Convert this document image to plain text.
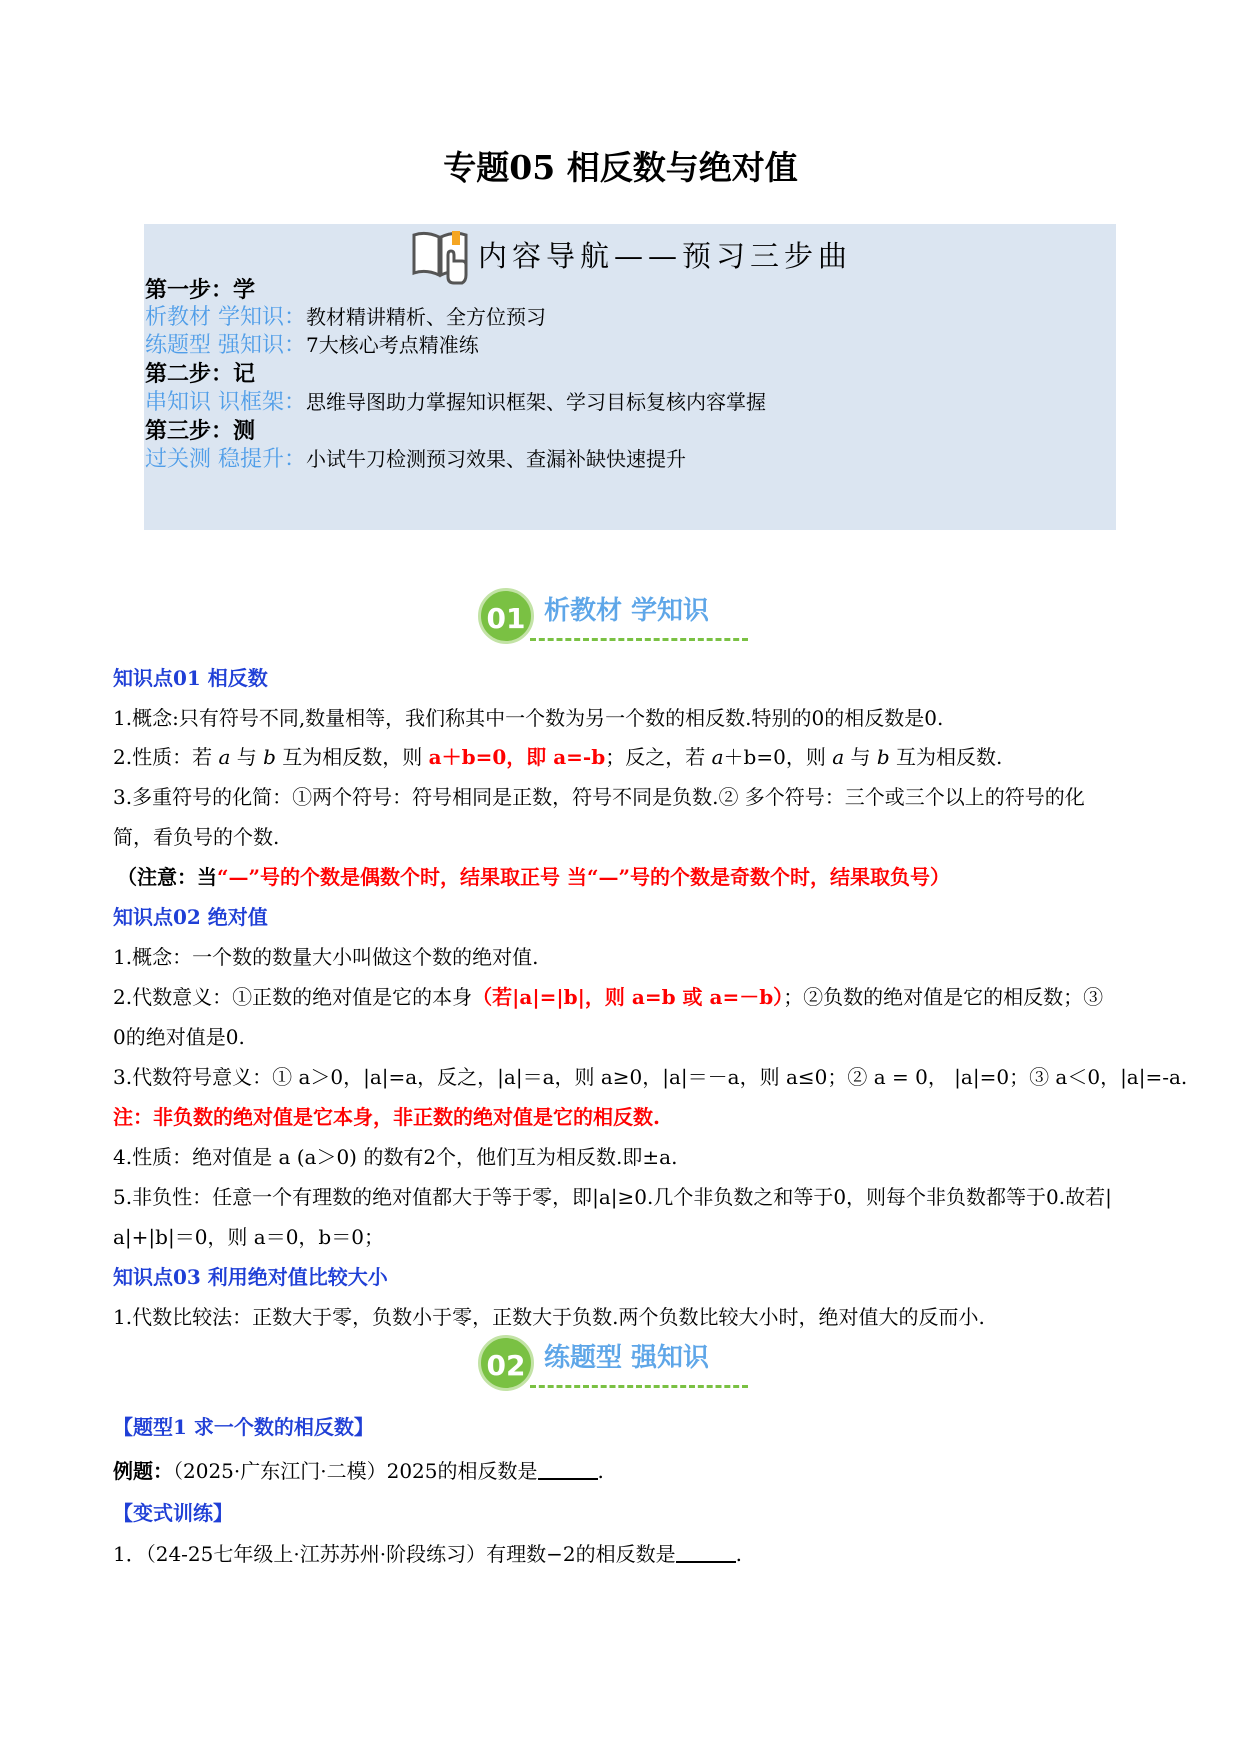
专题05 相反数与绝对值
内容导航——预习三步曲
第一步：学
析教材 学知识：教材精讲精析、全方位预习
练题型 强知识：7大核心考点精准练
第二步：记
串知识 识框架：思维导图助力掌握知识框架、学习目标复核内容掌握
第三步：测
过关测 稳提升：小试牛刀检测预习效果、查漏补缺快速提升
01 析教材 学知识
知识点01 相反数
1.概念:只有符号不同,数量相等，我们称其中一个数为另一个数的相反数.特别的0的相反数是0.
2.性质：若 a 与 b 互为相反数，则 a＋b=0，即 a=-b；反之，若 a＋b=0，则 a 与 b 互为相反数.
3.多重符号的化简：①两个符号：符号相同是正数，符号不同是负数.② 多个符号：三个或三个以上的符号的化
简，看负号的个数.
（注意：当“—”号的个数是偶数个时，结果取正号 当“—”号的个数是奇数个时，结果取负号）
知识点02 绝对值
1.概念：一个数的数量大小叫做这个数的绝对值.
2.代数意义：①正数的绝对值是它的本身（若|a|=|b|，则 a=b 或 a=－b）；②负数的绝对值是它的相反数；③
0的绝对值是0.
3.代数符号意义：① a＞0，|a|=a，反之，|a|＝a，则 a≥0，|a|＝－a，则 a≤0；② a = 0， |a|=0；③ a＜0，|a|=-a.
注：非负数的绝对值是它本身，非正数的绝对值是它的相反数.
4.性质：绝对值是 a (a＞0) 的数有2个，他们互为相反数.即±a.
5.非负性：任意一个有理数的绝对值都大于等于零，即|a|≥0.几个非负数之和等于0，则每个非负数都等于0.故若|
a|+|b|＝0，则 a＝0，b＝0；
知识点03 利用绝对值比较大小
1.代数比较法：正数大于零，负数小于零，正数大于负数.两个负数比较大小时，绝对值大的反而小.
02 练题型 强知识
【题型1 求一个数的相反数】
例题：（2025·广东江门·二模）2025的相反数是	.
【变式训练】
1．（24-25七年级上·江苏苏州·阶段练习）有理数−2的相反数是	.
